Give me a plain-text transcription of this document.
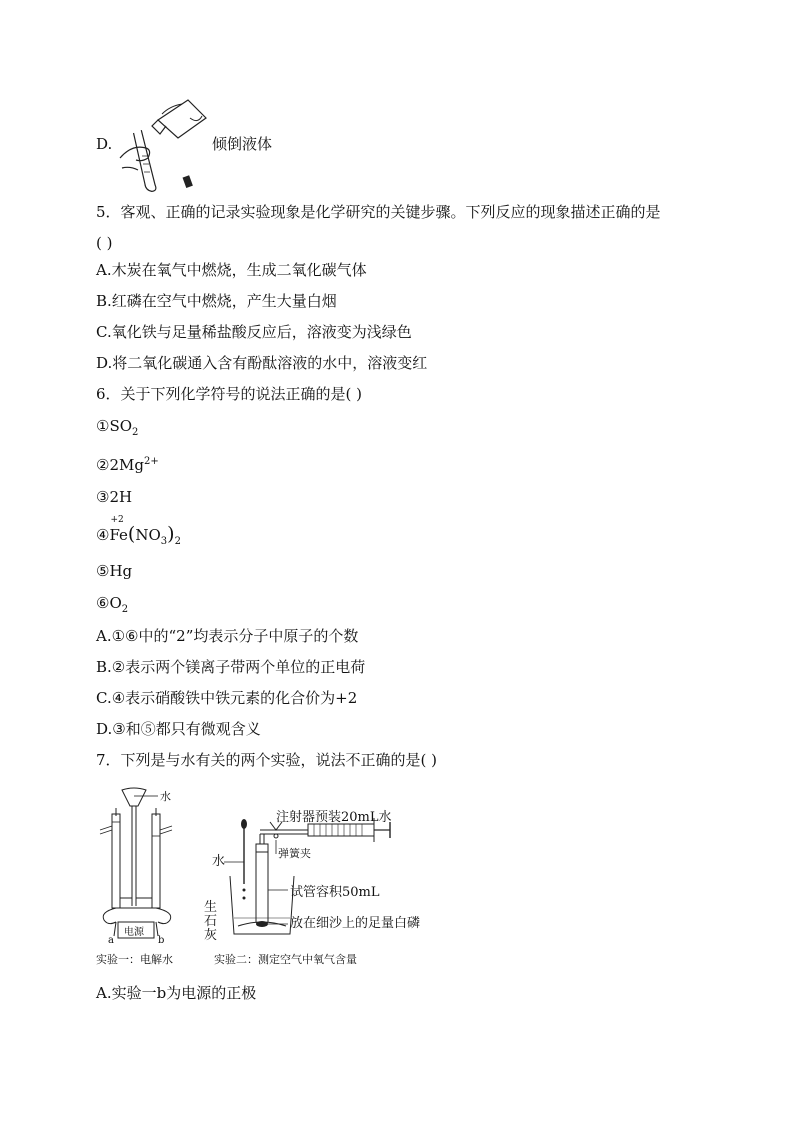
D.	倾倒液体
5．客观、正确的记录实验现象是化学研究的关键步骤。下列反应的现象描述正确的是
( )
A.木炭在氧气中燃烧，生成二氧化碳气体
B.红磷在空气中燃烧，产生大量白烟
C.氧化铁与足量稀盐酸反应后，溶液变为浅绿色
D.将二氧化碳通入含有酚酞溶液的水中，溶液变红
6．关于下列化学符号的说法正确的是( )
$①SO_2$
$②2Mg^{2+}$
③2H
④
+2
$Fe(NO_3)_2$
⑤Hg
$⑥O_2$
A.①⑥中的“2”均表示分子中原子的个数
B.②表示两个镁离子带两个单位的正电荷
C.④表示硝酸铁中铁元素的化合价为+2
D.③和⑤都只有微观含义
7．下列是与水有关的两个实验，说法不正确的是( )
电源
a	b
水
实验一：电解水
注射器预装20mL水
弹簧夹
水
试管容积50mL
生
石
灰
放在细沙上的足量白磷
实验二：测定空气中氧气含量
A.实验一b为电源的正极
